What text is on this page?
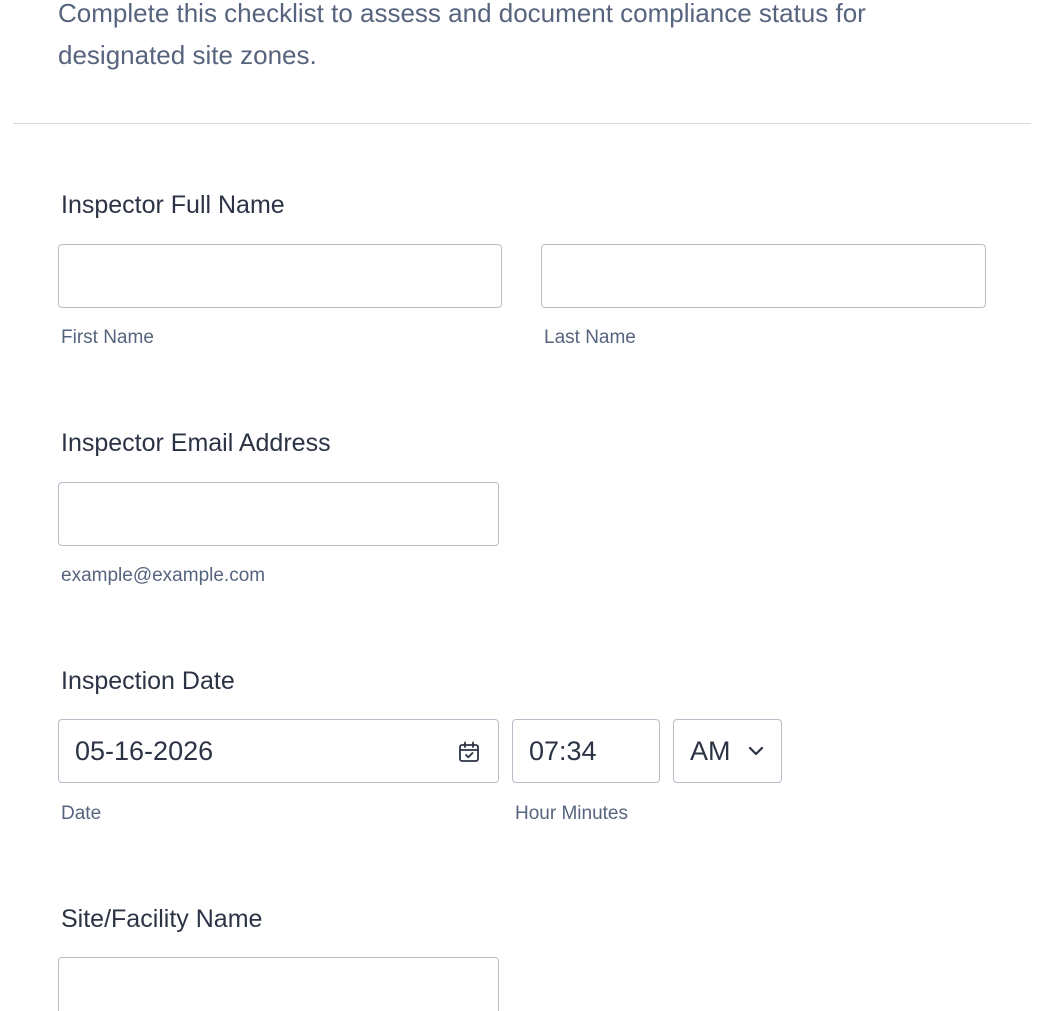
Complete this checklist to assess and document compliance status for designated site zones.

Inspector Full Name
First Name	Last Name
Inspector Email Address
example@example.com
Inspection Date
05-16-2026
Date
07:34
Hour Minutes
AM
Site/Facility Name
